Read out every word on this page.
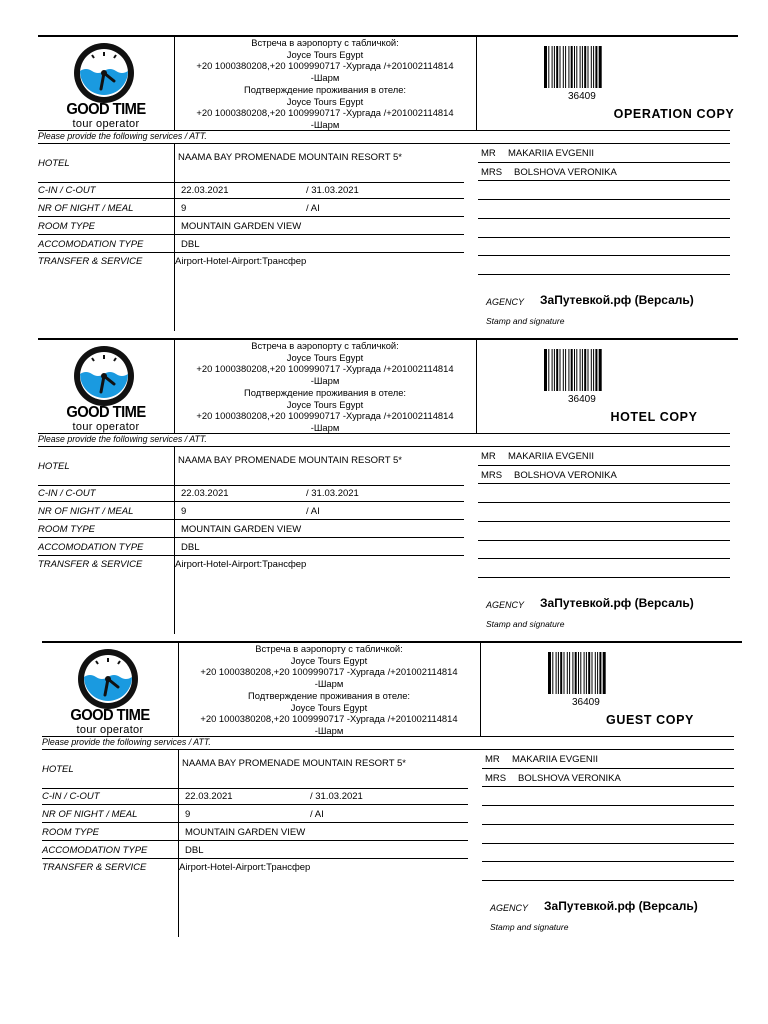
GOOD TIME
tour operator
Встреча в аэропорту с табличкой:
Joyce Tours Egypt
+20 1000380208,+20 1009990717 -Хургада /+201002114814
-Шарм
Подтверждение проживания в отеле:
Joyce Tours Egypt
+20 1000380208,+20 1009990717 -Хургада /+201002114814
-Шарм
36409
OPERATION COPY
Please provide the following services / ATT.
HOTEL
NAAMA BAY PROMENADE MOUNTAIN RESORT 5*
C-IN / C-OUT	22.03.2021	/ 31.03.2021
NR OF NIGHT / MEAL	9	/ AI
ROOM TYPE	MOUNTAIN GARDEN VIEW
ACCOMODATION TYPE	DBL
TRANSFER & SERVICE	Airport-Hotel-Airport:Трансфер
MR MAKARIIA EVGENII
MRS BOLSHOVA VERONIKA
AGENCY ЗаПутевкой.рф (Версаль)
Stamp and signature
GOOD TIME
tour operator
Встреча в аэропорту с табличкой:
Joyce Tours Egypt
+20 1000380208,+20 1009990717 -Хургада /+201002114814
-Шарм
Подтверждение проживания в отеле:
Joyce Tours Egypt
+20 1000380208,+20 1009990717 -Хургада /+201002114814
-Шарм
36409
HOTEL COPY
Please provide the following services / ATT.
HOTEL
NAAMA BAY PROMENADE MOUNTAIN RESORT 5*
C-IN / C-OUT	22.03.2021	/ 31.03.2021
NR OF NIGHT / MEAL	9	/ AI
ROOM TYPE	MOUNTAIN GARDEN VIEW
ACCOMODATION TYPE	DBL
TRANSFER & SERVICE	Airport-Hotel-Airport:Трансфер
MR MAKARIIA EVGENII
MRS BOLSHOVA VERONIKA
AGENCY ЗаПутевкой.рф (Версаль)
Stamp and signature
GOOD TIME
tour operator
Встреча в аэропорту с табличкой:
Joyce Tours Egypt
+20 1000380208,+20 1009990717 -Хургада /+201002114814
-Шарм
Подтверждение проживания в отеле:
Joyce Tours Egypt
+20 1000380208,+20 1009990717 -Хургада /+201002114814
-Шарм
36409
GUEST COPY
Please provide the following services / ATT.
HOTEL
NAAMA BAY PROMENADE MOUNTAIN RESORT 5*
C-IN / C-OUT	22.03.2021	/ 31.03.2021
NR OF NIGHT / MEAL	9	/ AI
ROOM TYPE	MOUNTAIN GARDEN VIEW
ACCOMODATION TYPE	DBL
TRANSFER & SERVICE	Airport-Hotel-Airport:Трансфер
MR MAKARIIA EVGENII
MRS BOLSHOVA VERONIKA
AGENCY ЗаПутевкой.рф (Версаль)
Stamp and signature
